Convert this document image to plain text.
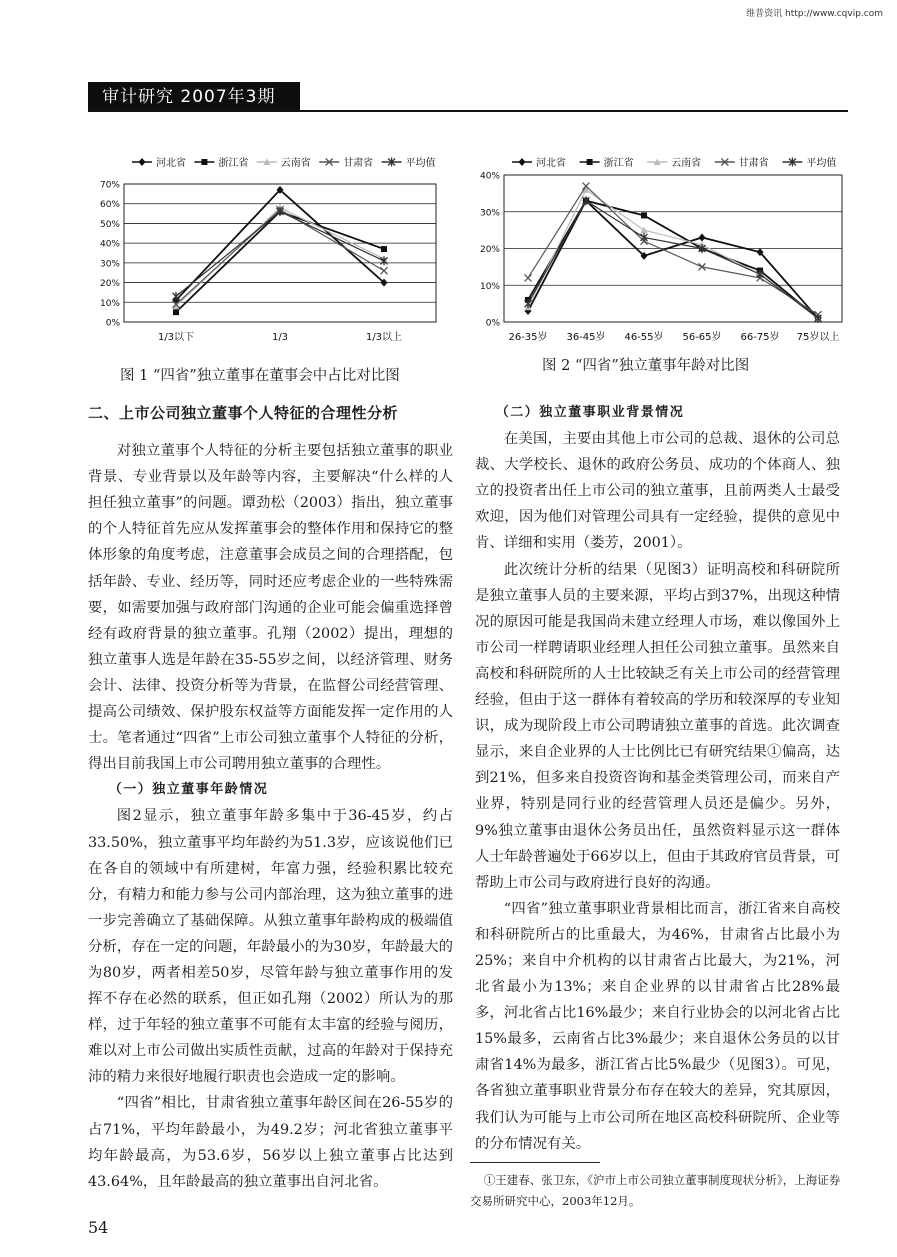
维普资讯 http://www.cqvip.com
审计研究 2007年3期
河北省	浙江省	云南省	甘肃省	平均值
0%
10%
20%
30%
40%
50%
60%
70%
1/3以下	1/3	1/3以上
图 1 “四省”独立董事在董事会中占比对比图
河北省	浙江省	云南省	甘肃省	平均值
0%
10%
20%
30%
40%
26-35岁 36-45岁 46-55岁 56-65岁 66-75岁 75岁以上
图 2 “四省”独立董事年龄对比图

二、上市公司独立董事个人特征的合理性分析

对独立董事个人特征的分析主要包括独立董事的职业背景、专业背景以及年龄等内容，主要解决“什么样的人担任独立董事”的问题。谭劲松（2003）指出，独立董事的个人特征首先应从发挥董事会的整体作用和保持它的整体形象的角度考虑，注意董事会成员之间的合理搭配，包括年龄、专业、经历等，同时还应考虑企业的一些特殊需要，如需要加强与政府部门沟通的企业可能会偏重选择曾经有政府背景的独立董事。孔翔（2002）提出，理想的独立董事人选是年龄在35-55岁之间，以经济管理、财务会计、法律、投资分析等为背景，在监督公司经营管理、提高公司绩效、保护股东权益等方面能发挥一定作用的人士。笔者通过“四省”上市公司独立董事个人特征的分析，得出目前我国上市公司聘用独立董事的合理性。

（一）独立董事年龄情况

图2显示，独立董事年龄多集中于36-45岁，约占33.50%，独立董事平均年龄约为51.3岁，应该说他们已在各自的领域中有所建树，年富力强，经验积累比较充分，有精力和能力参与公司内部治理，这为独立董事的进一步完善确立了基础保障。从独立董事年龄构成的极端值分析，存在一定的问题，年龄最小的为30岁，年龄最大的为80岁，两者相差50岁，尽管年龄与独立董事作用的发挥不存在必然的联系，但正如孔翔（2002）所认为的那样，过于年轻的独立董事不可能有太丰富的经验与阅历，难以对上市公司做出实质性贡献，过高的年龄对于保持充沛的精力来很好地履行职责也会造成一定的影响。

“四省”相比，甘肃省独立董事年龄区间在26-55岁的占71%，平均年龄最小，为49.2岁；河北省独立董事平均年龄最高，为53.6岁，56岁以上独立董事占比达到43.64%，且年龄最高的独立董事出自河北省。

（二）独立董事职业背景情况

在美国，主要由其他上市公司的总裁、退休的公司总裁、大学校长、退休的政府公务员、成功的个体商人、独立的投资者出任上市公司的独立董事，且前两类人士最受欢迎，因为他们对管理公司具有一定经验，提供的意见中肯、详细和实用（娄芳，2001）。

此次统计分析的结果（见图3）证明高校和科研院所是独立董事人员的主要来源，平均占到37%，出现这种情况的原因可能是我国尚未建立经理人市场，难以像国外上市公司一样聘请职业经理人担任公司独立董事。虽然来自高校和科研院所的人士比较缺乏有关上市公司的经营管理经验，但由于这一群体有着较高的学历和较深厚的专业知识，成为现阶段上市公司聘请独立董事的首选。此次调查显示，来自企业界的人士比例比已有研究结果①偏高，达到21%，但多来自投资咨询和基金类管理公司，而来自产业界，特别是同行业的经营管理人员还是偏少。另外，9%独立董事由退休公务员出任，虽然资料显示这一群体人士年龄普遍处于66岁以上，但由于其政府官员背景，可帮助上市公司与政府进行良好的沟通。

“四省”独立董事职业背景相比而言，浙江省来自高校和科研院所占的比重最大，为46%，甘肃省占比最小为25%；来自中介机构的以甘肃省占比最大，为21%，河北省最小为13%；来自企业界的以甘肃省占比28%最多，河北省占比16%最少；来自行业协会的以河北省占比15%最多，云南省占比3%最少；来自退休公务员的以甘肃省14%为最多，浙江省占比5%最少（见图3）。可见，各省独立董事职业背景分布存在较大的差异，究其原因，我们认为可能与上市公司所在地区高校科研院所、企业等的分布情况有关。

①王建春、张卫东，《沪市上市公司独立董事制度现状分析》，上海证券交易所研究中心，2003年12月。
54
